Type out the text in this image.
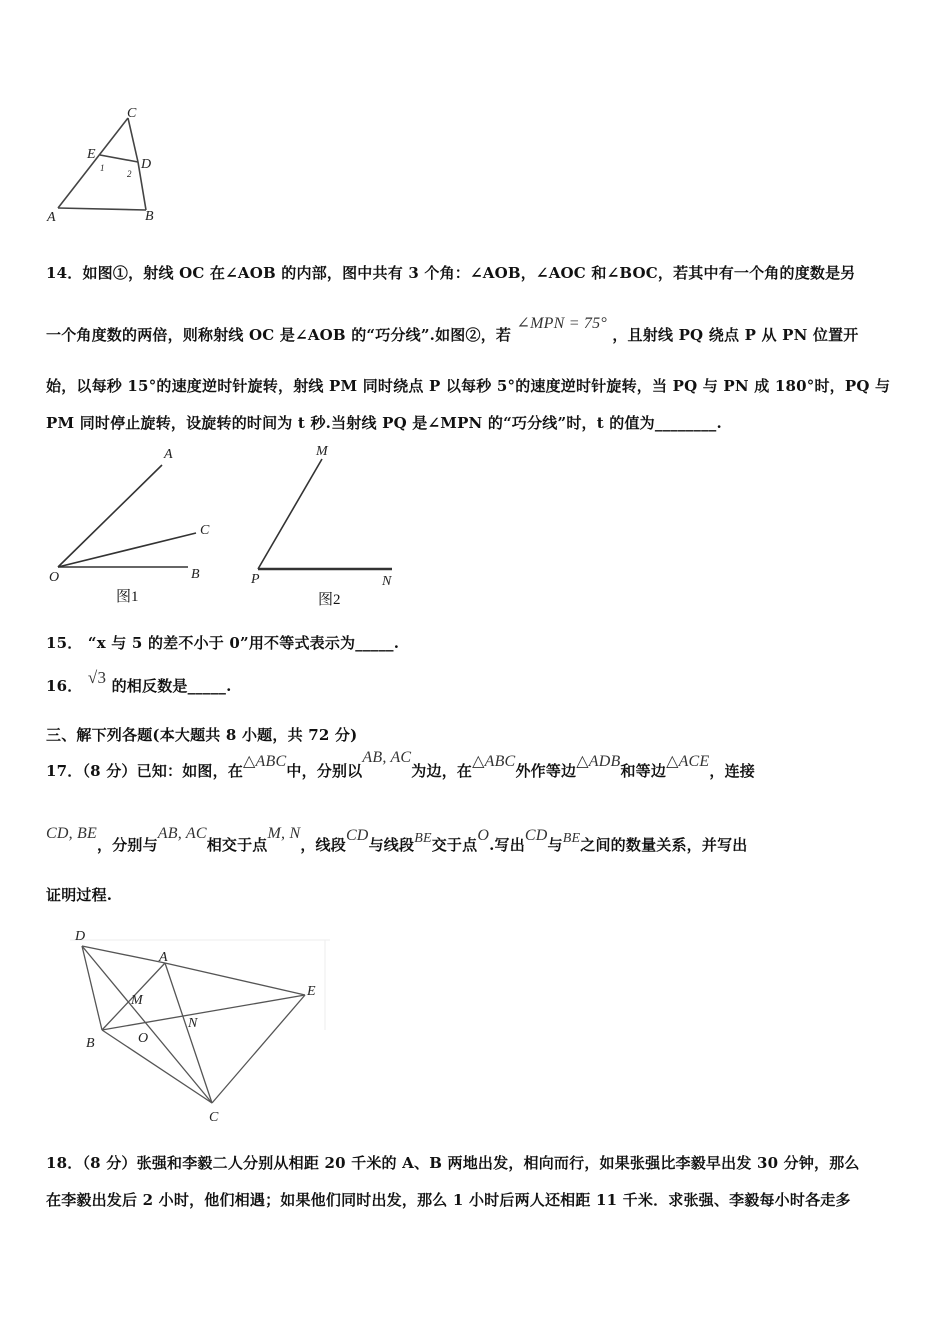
C
E
D
A	B
1
2
14．如图①，射线 OC 在∠AOB 的内部，图中共有 3 个角：∠AOB，∠AOC 和∠BOC，若其中有一个角的度数是另
一个角度数的两倍，则称射线 OC 是∠AOB 的“巧分线”.如图②，若 ∠MPN = 75° ，且射线 PQ 绕点 P 从 PN 位置开
始，以每秒 15°的速度逆时针旋转，射线 PM 同时绕点 P 以每秒 5°的速度逆时针旋转，当 PQ 与 PN 成 180°时，PQ 与
PM 同时停止旋转，设旋转的时间为 t 秒.当射线 PQ 是∠MPN 的“巧分线”时，t 的值为________.
A
C
O	B
图1
M
P	N
图2
15． “x 与 5 的差不小于 0”用不等式表示为_____.
16． √3 的相反数是_____.
三、解下列各题(本大题共 8 小题，共 72 分)
17．（8 分）已知：如图，在△ABC中，分别以AB, AC为边，在△ABC外作等边△ADB和等边△ACE，连接
CD, BE，分别与AB, AC相交于点M, N，线段CD与线段BE交于点O.写出CD与BE之间的数量关系，并写出
证明过程.
D
A
E
M
B	O
N
C
18．（8 分）张强和李毅二人分别从相距 20 千米的 A、B 两地出发，相向而行，如果张强比李毅早出发 30 分钟，那么
在李毅出发后 2 小时，他们相遇；如果他们同时出发，那么 1 小时后两人还相距 11 千米．求张强、李毅每小时各走多
